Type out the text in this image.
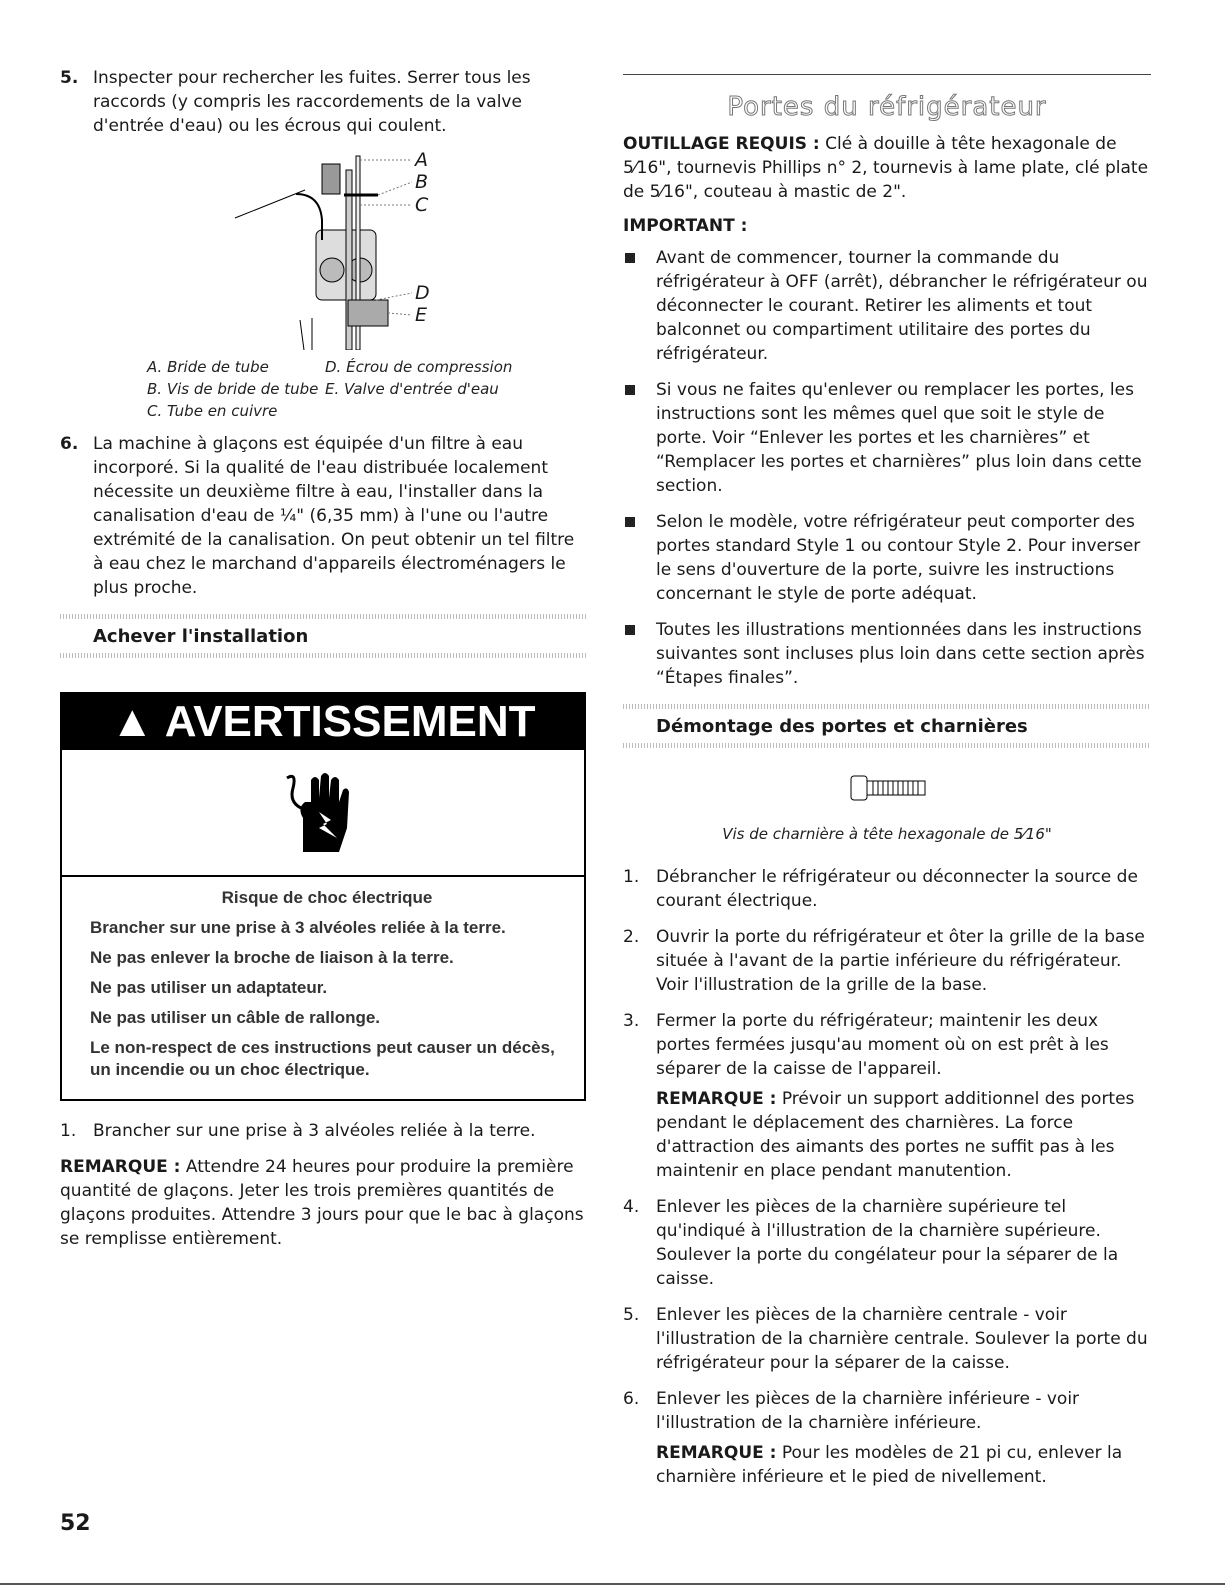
5. Inspecter pour rechercher les fuites. Serrer tous les raccords (y compris les raccordements de la valve d'entrée d'eau) ou les écrous qui coulent.
A
B
C
D
E
A. Bride de tube	D. Écrou de compression
B. Vis de bride de tube E. Valve d'entrée d'eau
C. Tube en cuivre
6. La machine à glaçons est équipée d'un filtre à eau incorporé. Si la qualité de l'eau distribuée localement nécessite un deuxième filtre à eau, l'installer dans la canalisation d'eau de ¼" (6,35 mm) à l'une ou l'autre extrémité de la canalisation. On peut obtenir un tel filtre à eau chez le marchand d'appareils électroménagers le plus proche.
Achever l'installation
▲ AVERTISSEMENT

Risque de choc électrique

Brancher sur une prise à 3 alvéoles reliée à la terre.

Ne pas enlever la broche de liaison à la terre.

Ne pas utiliser un adaptateur.

Ne pas utiliser un câble de rallonge.

Le non-respect de ces instructions peut causer un décès, un incendie ou un choc électrique.

1. Brancher sur une prise à 3 alvéoles reliée à la terre.

REMARQUE : Attendre 24 heures pour produire la première quantité de glaçons. Jeter les trois premières quantités de glaçons produites. Attendre 3 jours pour que le bac à glaçons se remplisse entièrement.

Portes du réfrigérateur

OUTILLAGE REQUIS : Clé à douille à tête hexagonale de 5⁄16", tournevis Phillips n° 2, tournevis à lame plate, clé plate de 5⁄16", couteau à mastic de 2".

IMPORTANT :

Avant de commencer, tourner la commande du réfrigérateur à OFF (arrêt), débrancher le réfrigérateur ou déconnecter le courant. Retirer les aliments et tout balconnet ou compartiment utilitaire des portes du réfrigérateur.
Si vous ne faites qu'enlever ou remplacer les portes, les instructions sont les mêmes quel que soit le style de porte. Voir “Enlever les portes et les charnières” et “Remplacer les portes et charnières” plus loin dans cette section.
Selon le modèle, votre réfrigérateur peut comporter des portes standard Style 1 ou contour Style 2. Pour inverser le sens d'ouverture de la porte, suivre les instructions concernant le style de porte adéquat.
Toutes les illustrations mentionnées dans les instructions suivantes sont incluses plus loin dans cette section après “Étapes finales”.
Démontage des portes et charnières

Vis de charnière à tête hexagonale de 5⁄16"

1. Débrancher le réfrigérateur ou déconnecter la source de courant électrique.
2. Ouvrir la porte du réfrigérateur et ôter la grille de la base située à l'avant de la partie inférieure du réfrigérateur. Voir l'illustration de la grille de la base.
3. Fermer la porte du réfrigérateur; maintenir les deux portes fermées jusqu'au moment où on est prêt à les séparer de la caisse de l'appareil.

REMARQUE : Prévoir un support additionnel des portes pendant le déplacement des charnières. La force d'attraction des aimants des portes ne suffit pas à les maintenir en place pendant manutention.

4. Enlever les pièces de la charnière supérieure tel qu'indiqué à l'illustration de la charnière supérieure. Soulever la porte du congélateur pour la séparer de la caisse.
5. Enlever les pièces de la charnière centrale - voir l'illustration de la charnière centrale. Soulever la porte du réfrigérateur pour la séparer de la caisse.
6. Enlever les pièces de la charnière inférieure - voir l'illustration de la charnière inférieure.

REMARQUE : Pour les modèles de 21 pi cu, enlever la charnière inférieure et le pied de nivellement.

52
